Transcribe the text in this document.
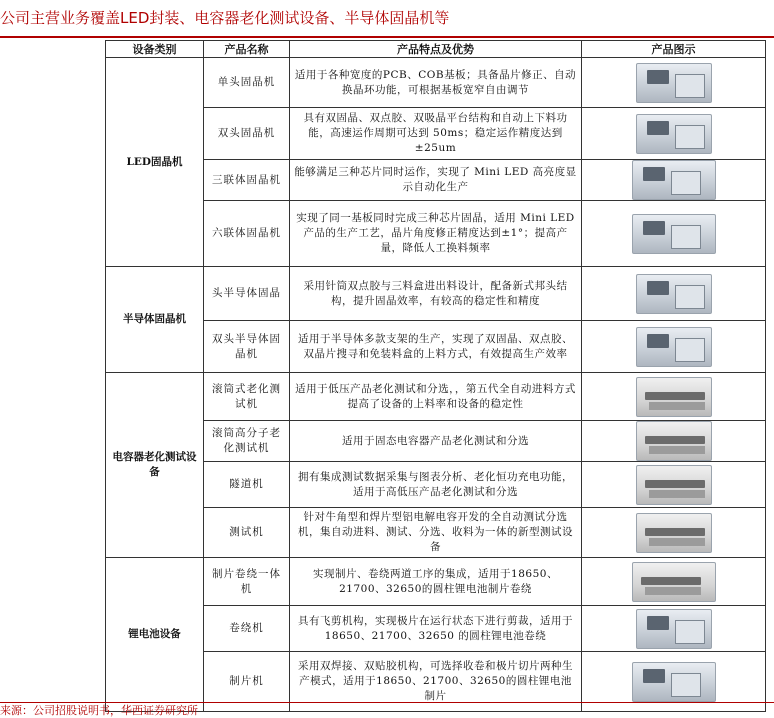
公司主营业务覆盖LED封装、电容器老化测试设备、半导体固晶机等
设备类别	产品名称	产品特点及优势	产品图示
LED固晶机	单头固晶机	适用于各种宽度的PCB、COB基板；具备晶片修正、自动换晶环功能，可根据基板宽窄自由调节	

	双头固晶机	具有双固晶、双点胶、双吸晶平台结构和自动上下料功能，高速运作周期可达到 50ms；稳定运作精度达到±25um	

	三联体固晶机	能够满足三种芯片同时运作，实现了 Mini LED 高亮度显示自动化生产	

	六联体固晶机	实现了同一基板同时完成三种芯片固晶，适用 Mini LED 产品的生产工艺，晶片角度修正精度达到±1°；提高产量，降低人工换料频率	

半导体固晶机	头半导体固晶	采用针筒双点胶与三料盒进出料设计，配备新式邦头结构，提升固晶效率，有较高的稳定性和精度	

	双头半导体固晶机	适用于半导体多款支架的生产，实现了双固晶、双点胶、双晶片搜寻和免装料盒的上料方式，有效提高生产效率	

电容器老化测试设备	滚筒式老化测试机	适用于低压产品老化测试和分选，，第五代全自动进料方式提高了设备的上料率和设备的稳定性	

	滚筒高分子老化测试机	适用于固态电容器产品老化测试和分选	

	隧道机	拥有集成测试数据采集与图表分析、老化恒功充电功能，适用于高低压产品老化测试和分选	

	测试机	针对牛角型和焊片型铝电解电容开发的全自动测试分选机，集自动进料、测试、分选、收料为一体的新型测试设备	

锂电池设备	制片卷绕一体机	实现制片、卷绕两道工序的集成，适用于18650、21700、32650的圆柱锂电池制片卷绕	

	卷绕机	具有飞剪机构，实现极片在运行状态下进行剪裁，适用于18650、21700、32650 的圆柱锂电池卷绕	

	制片机	采用双焊接、双贴胶机构，可选择收卷和极片切片两种生产模式，适用于18650、21700、32650的圆柱锂电池制片	
来源：公司招股说明书，华西证券研究所
